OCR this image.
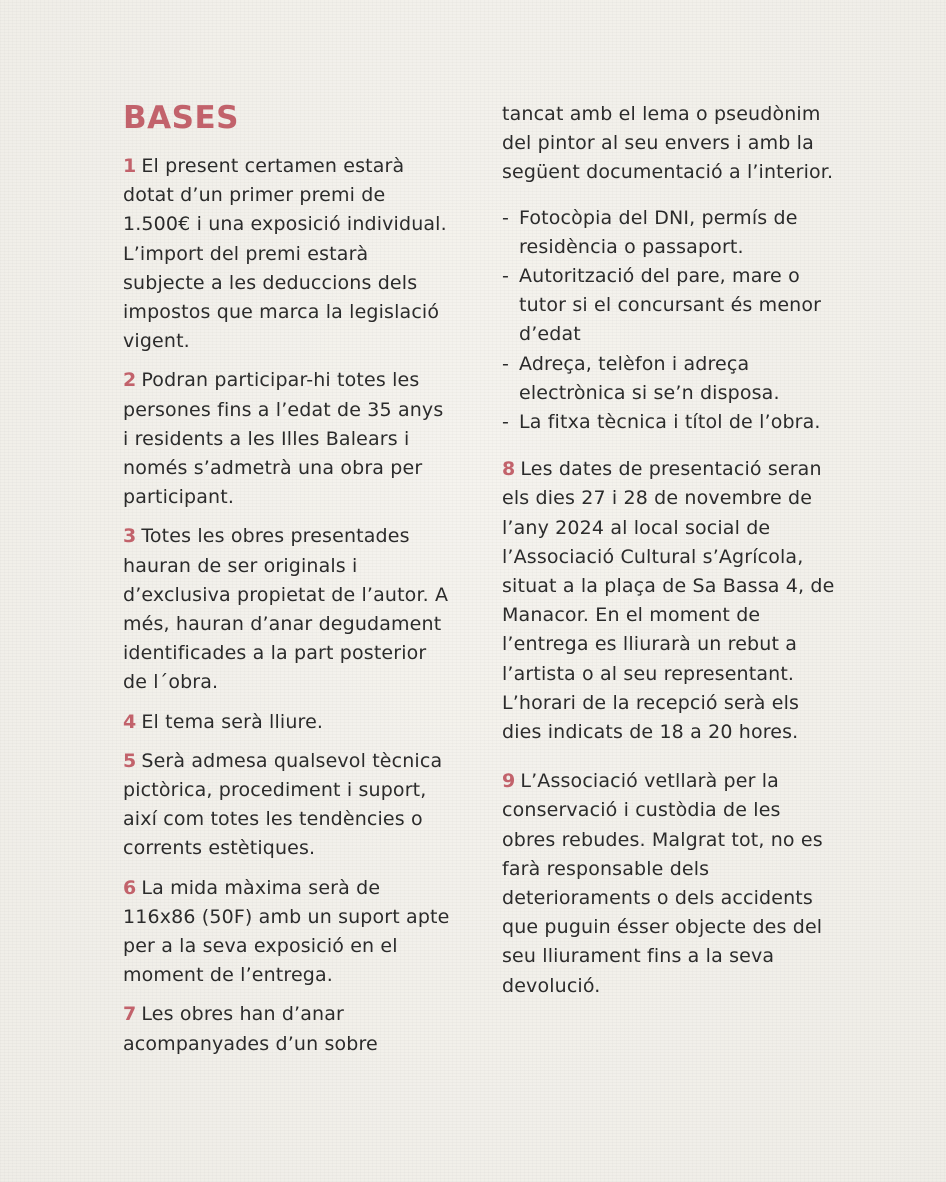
BASES

1 El present certamen estarà dotat d’un primer premi de 1.500€ i una exposició individual. L’import del premi estarà subjecte a les deduccions dels impostos que marca la legislació vigent.

2 Podran participar-hi totes les persones fins a l’edat de 35 anys i residents a les Illes Balears i només s’admetrà una obra per participant.

3 Totes les obres presentades hauran de ser originals i d’exclusiva propietat de l’autor. A més, hauran d’anar degudament identificades a la part posterior de l´obra.

4 El tema serà lliure.

5 Serà admesa qualsevol tècnica pictòrica, procediment i suport, així com totes les tendències o corrents estètiques.

6 La mida màxima serà de 116x86 (50F) amb un suport apte per a la seva exposició en el moment de l’entrega.

7 Les obres han d’anar acompanyades d’un sobre

tancat amb el lema o pseudònim del pintor al seu envers i amb la següent documentació a l’interior.

- Fotocòpia del DNI, permís de residència o passaport.
- Autorització del pare, mare o tutor si el concursant és menor d’edat
- Adreça, telèfon i adreça electrònica si se’n disposa.
- La fitxa tècnica i títol de l’obra.

8 Les dates de presentació seran els dies 27 i 28 de novembre de l’any 2024 al local social de l’Associació Cultural s’Agrícola, situat a la plaça de Sa Bassa 4, de Manacor. En el moment de l’entrega es lliurarà un rebut a l’artista o al seu representant. L’horari de la recepció serà els dies indicats de 18 a 20 hores.

9 L’Associació vetllarà per la conservació i custòdia de les obres rebudes. Malgrat tot, no es farà responsable dels deterioraments o dels accidents que puguin ésser objecte des del seu lliurament fins a la seva devolució.
